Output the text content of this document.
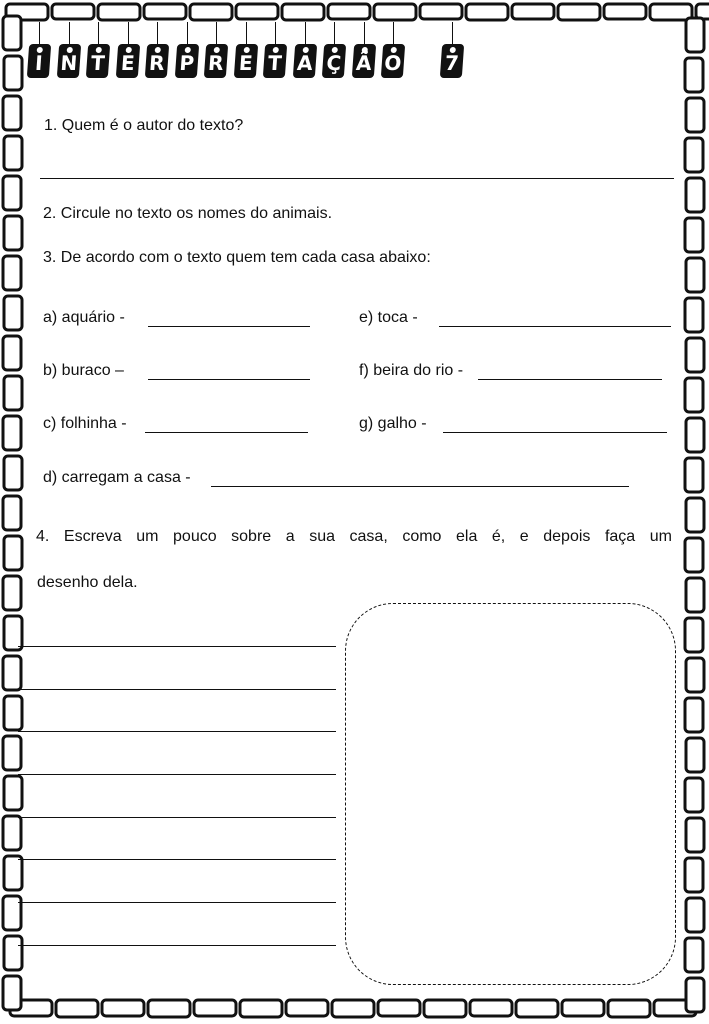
I N T E R P R E T A Ç Ã O 7
1. Quem é o autor do texto?
2. Circule no texto os nomes do animais.
3. De acordo com o texto quem tem cada casa abaixo:
a) aquário -	e) toca -
b) buraco –	f) beira do rio -
c) folhinha -	g) galho -
d) carregam a casa -
4. Escreva um pouco sobre a sua casa, como ela é, e depois faça um
desenho dela.
